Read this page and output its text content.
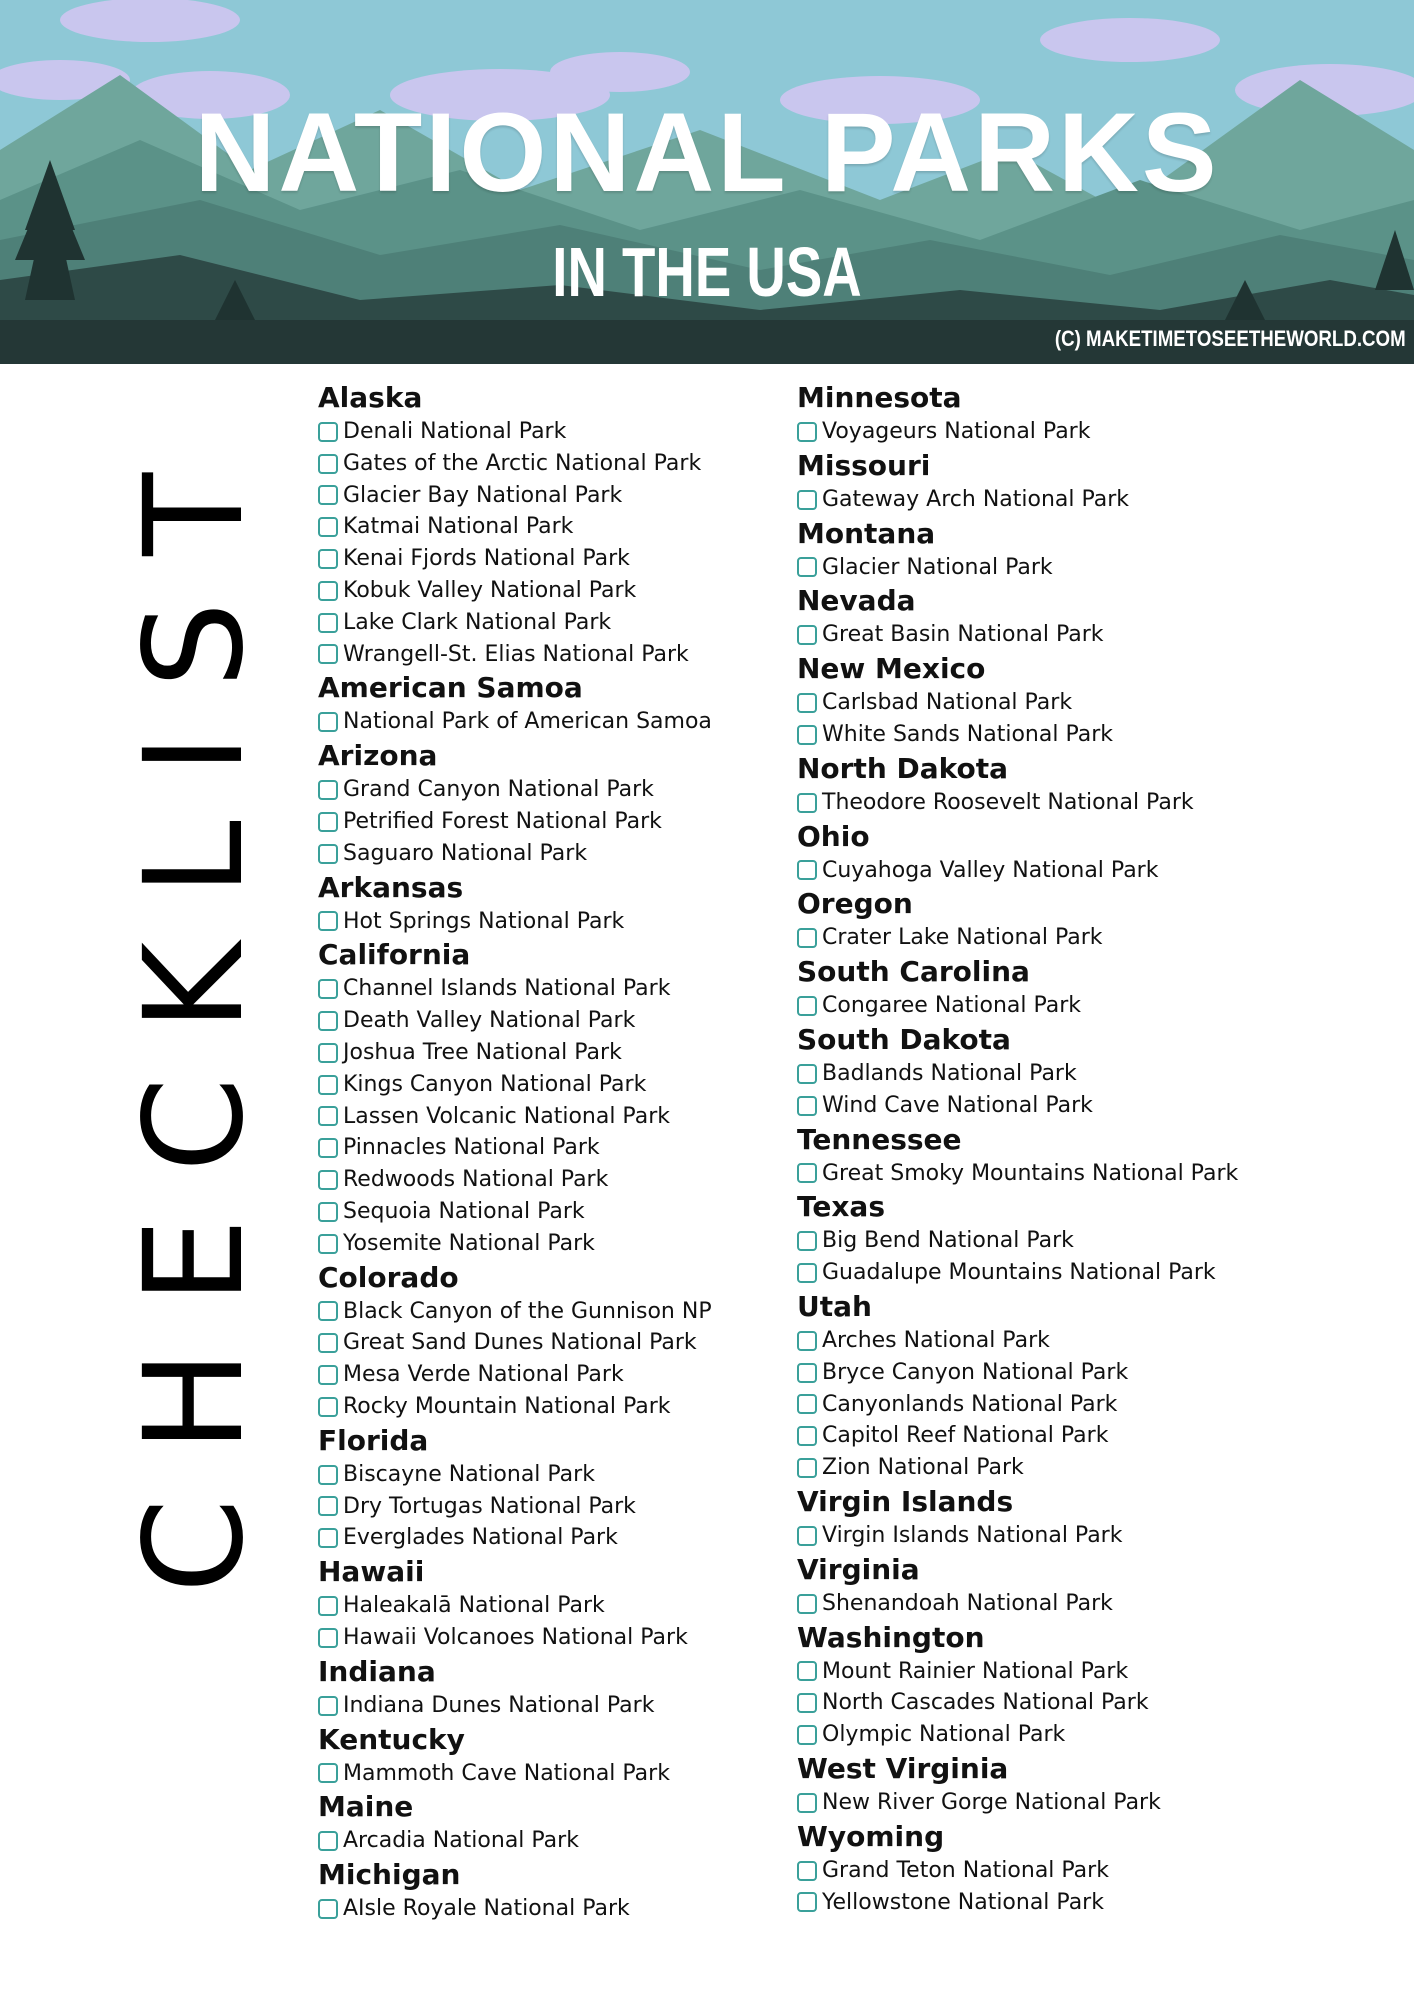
NATIONAL PARKS
IN THE USA
(C) MAKETIMETOSEETHEWORLD.COM
CHECKLIST
Alaska
Denali National Park
Gates of the Arctic National Park
Glacier Bay National Park
Katmai National Park
Kenai Fjords National Park
Kobuk Valley National Park
Lake Clark National Park
Wrangell-St. Elias National Park
American Samoa
National Park of American Samoa
Arizona
Grand Canyon National Park
Petrified Forest National Park
Saguaro National Park
Arkansas
Hot Springs National Park
California
Channel Islands National Park
Death Valley National Park
Joshua Tree National Park
Kings Canyon National Park
Lassen Volcanic National Park
Pinnacles National Park
Redwoods National Park
Sequoia National Park
Yosemite National Park
Colorado
Black Canyon of the Gunnison NP
Great Sand Dunes National Park
Mesa Verde National Park
Rocky Mountain National Park
Florida
Biscayne National Park
Dry Tortugas National Park
Everglades National Park
Hawaii
Haleakalā National Park
Hawaii Volcanoes National Park
Indiana
Indiana Dunes National Park
Kentucky
Mammoth Cave National Park
Maine
Arcadia National Park
Michigan
AIsle Royale National Park
Minnesota
Voyageurs National Park
Missouri
Gateway Arch National Park
Montana
Glacier National Park
Nevada
Great Basin National Park
New Mexico
Carlsbad National Park
White Sands National Park
North Dakota
Theodore Roosevelt National Park
Ohio
Cuyahoga Valley National Park
Oregon
Crater Lake National Park
South Carolina
Congaree National Park
South Dakota
Badlands National Park
Wind Cave National Park
Tennessee
Great Smoky Mountains National Park
Texas
Big Bend National Park
Guadalupe Mountains National Park
Utah
Arches National Park
Bryce Canyon National Park
Canyonlands National Park
Capitol Reef National Park
Zion National Park
Virgin Islands
Virgin Islands National Park
Virginia
Shenandoah National Park
Washington
Mount Rainier National Park
North Cascades National Park
Olympic National Park
West Virginia
New River Gorge National Park
Wyoming
Grand Teton National Park
Yellowstone National Park
